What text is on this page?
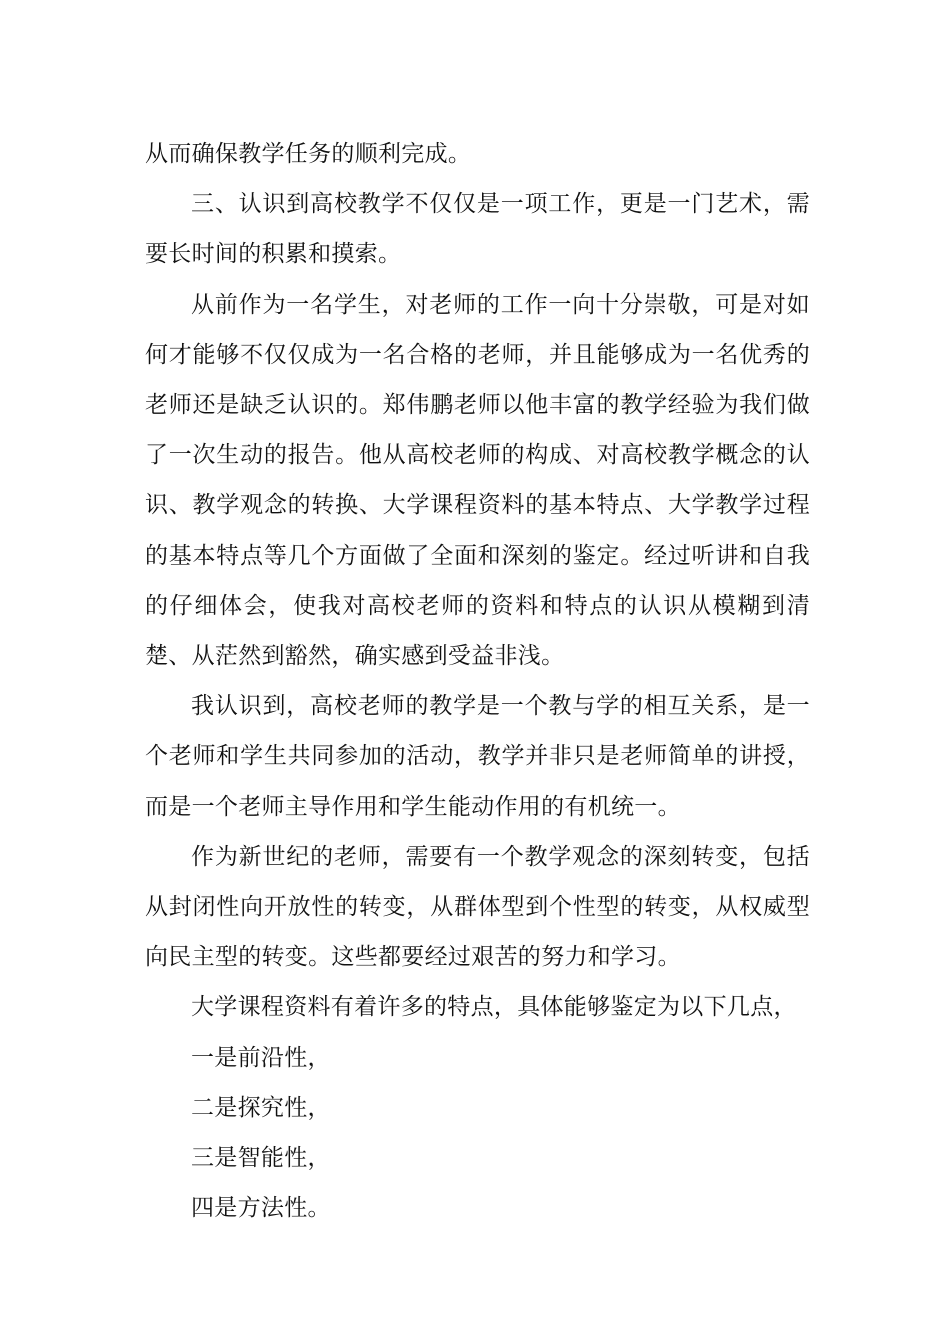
从而确保教学任务的顺利完成。

三、认识到高校教学不仅仅是一项工作，更是一门艺术，需要长时间的积累和摸索。

从前作为一名学生，对老师的工作一向十分崇敬，可是对如何才能够不仅仅成为一名合格的老师，并且能够成为一名优秀的老师还是缺乏认识的。郑伟鹏老师以他丰富的教学经验为我们做了一次生动的报告。他从高校老师的构成、对高校教学概念的认识、教学观念的转换、大学课程资料的基本特点、大学教学过程的基本特点等几个方面做了全面和深刻的鉴定。经过听讲和自我的仔细体会，使我对高校老师的资料和特点的认识从模糊到清楚、从茫然到豁然，确实感到受益非浅。

我认识到，高校老师的教学是一个教与学的相互关系，是一个老师和学生共同参加的活动，教学并非只是老师简单的讲授，而是一个老师主导作用和学生能动作用的有机统一。

作为新世纪的老师，需要有一个教学观念的深刻转变，包括从封闭性向开放性的转变，从群体型到个性型的转变，从权威型向民主型的转变。这些都要经过艰苦的努力和学习。

大学课程资料有着许多的特点，具体能够鉴定为以下几点，

一是前沿性，

二是探究性，

三是智能性，

四是方法性。
